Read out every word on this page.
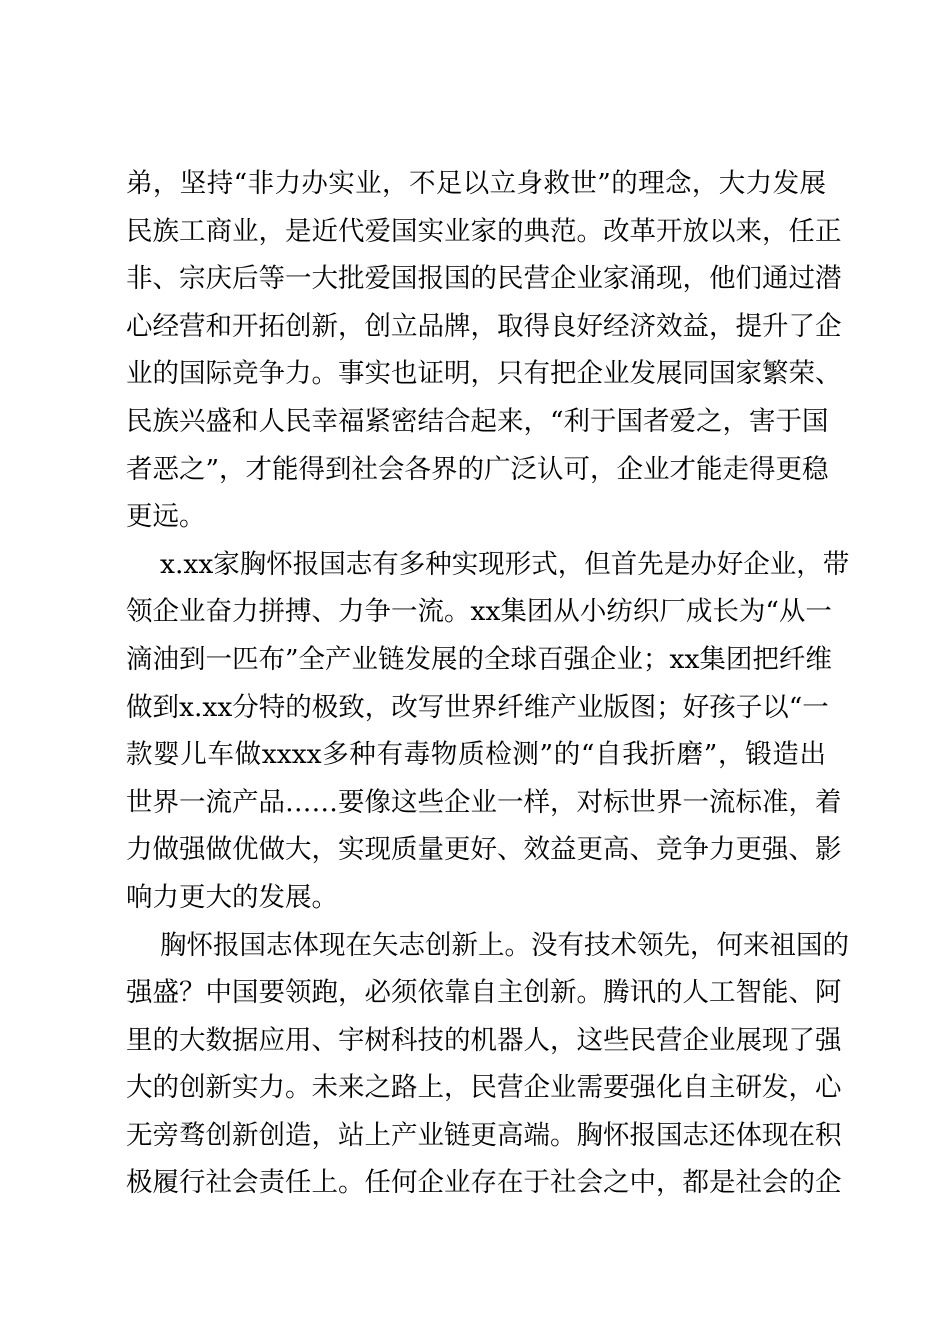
弟，坚持“非力办实业，不足以立身救世”的理念，大力发展
民族工商业，是近代爱国实业家的典范。改革开放以来，任正
非、宗庆后等一大批爱国报国的民营企业家涌现，他们通过潜
心经营和开拓创新，创立品牌，取得良好经济效益，提升了企
业的国际竞争力。事实也证明，只有把企业发展同国家繁荣、
民族兴盛和人民幸福紧密结合起来，“利于国者爱之，害于国
者恶之”，才能得到社会各界的广泛认可，企业才能走得更稳
更远。
x.xx家胸怀报国志有多种实现形式，但首先是办好企业，带
领企业奋力拼搏、力争一流。xx集团从小纺织厂成长为“从一
滴油到一匹布”全产业链发展的全球百强企业；xx集团把纤维
做到x.xx分特的极致，改写世界纤维产业版图；好孩子以“一
款婴儿车做xxxx多种有毒物质检测”的“自我折磨”，锻造出
世界一流产品……要像这些企业一样，对标世界一流标准，着
力做强做优做大，实现质量更好、效益更高、竞争力更强、影
响力更大的发展。
胸怀报国志体现在矢志创新上。没有技术领先，何来祖国的
强盛？中国要领跑，必须依靠自主创新。腾讯的人工智能、阿
里的大数据应用、宇树科技的机器人，这些民营企业展现了强
大的创新实力。未来之路上，民营企业需要强化自主研发，心
无旁骛创新创造，站上产业链更高端。胸怀报国志还体现在积
极履行社会责任上。任何企业存在于社会之中，都是社会的企
